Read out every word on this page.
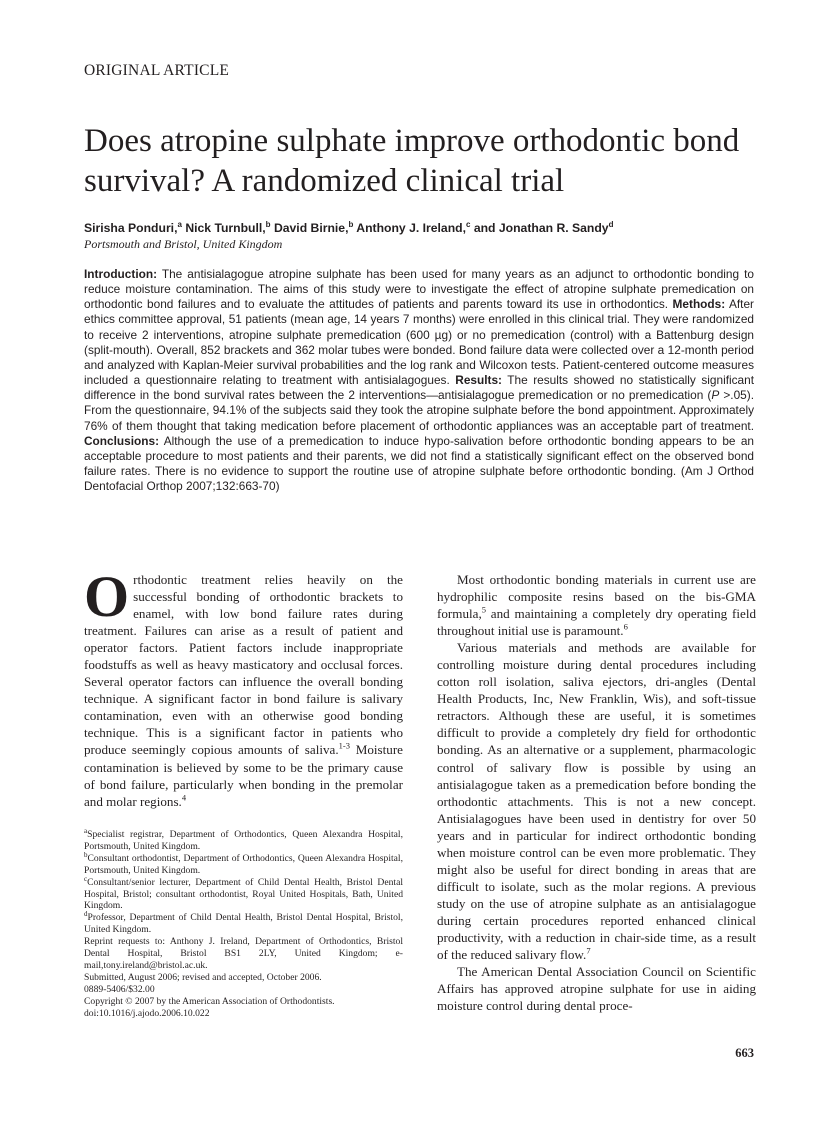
ORIGINAL ARTICLE
Does atropine sulphate improve orthodontic bond survival? A randomized clinical trial
Sirisha Ponduri,$^a$ Nick Turnbull,$^b$ David Birnie,$^b$ Anthony J. Ireland,$^c$ and Jonathan R. Sandy$^d$
Portsmouth and Bristol, United Kingdom
Introduction: The antisialagogue atropine sulphate has been used for many years as an adjunct to orthodontic bonding to reduce moisture contamination. The aims of this study were to investigate the effect of atropine sulphate premedication on orthodontic bond failures and to evaluate the attitudes of patients and parents toward its use in orthodontics. Methods: After ethics committee approval, 51 patients (mean age, 14 years 7 months) were enrolled in this clinical trial. They were randomized to receive 2 interventions, atropine sulphate premedication (600 µg) or no premedication (control) with a Battenburg design (split-mouth). Overall, 852 brackets and 362 molar tubes were bonded. Bond failure data were collected over a 12-month period and analyzed with Kaplan-Meier survival probabilities and the log rank and Wilcoxon tests. Patient-centered outcome measures included a questionnaire relating to treatment with antisialagogues. Results: The results showed no statistically significant difference in the bond survival rates between the 2 interventions—antisialagogue premedication or no premedication (P >.05). From the questionnaire, 94.1% of the subjects said they took the atropine sulphate before the bond appointment. Approximately 76% of them thought that taking medication before placement of orthodontic appliances was an acceptable part of treatment. Conclusions: Although the use of a premedication to induce hypo-salivation before orthodontic bonding appears to be an acceptable procedure to most patients and their parents, we did not find a statistically significant effect on the observed bond failure rates. There is no evidence to support the routine use of atropine sulphate before orthodontic bonding. (Am J Orthod Dentofacial Orthop 2007;132:663-70)

Orthodontic treatment relies heavily on the successful bonding of orthodontic brackets to enamel, with low bond failure rates during treatment. Failures can arise as a result of patient and operator factors. Patient factors include inappropriate foodstuffs as well as heavy masticatory and occlusal forces. Several operator factors can influence the overall bonding technique. A significant factor in bond failure is salivary contamination, even with an otherwise good bonding technique. This is a significant factor in patients who produce seemingly copious amounts of saliva.$^{1-3}$ Moisture contamination is believed by some to be the primary cause of bond failure, particularly when bonding in the premolar and molar regions.$^4$

$^a$Specialist registrar, Department of Orthodontics, Queen Alexandra Hospital, Portsmouth, United Kingdom.
$^b$Consultant orthodontist, Department of Orthodontics, Queen Alexandra Hospital, Portsmouth, United Kingdom.
$^c$Consultant/senior lecturer, Department of Child Dental Health, Bristol Dental Hospital, Bristol; consultant orthodontist, Royal United Hospitals, Bath, United Kingdom.
$^d$Professor, Department of Child Dental Health, Bristol Dental Hospital, Bristol, United Kingdom.
Reprint requests to: Anthony J. Ireland, Department of Orthodontics, Bristol Dental Hospital, Bristol BS1 2LY, United Kingdom; e-mail,tony.ireland@bristol.ac.uk.
Submitted, August 2006; revised and accepted, October 2006.
0889-5406/$32.00
Copyright © 2007 by the American Association of Orthodontists.
doi:10.1016/j.ajodo.2006.10.022

Most orthodontic bonding materials in current use are hydrophilic composite resins based on the bis-GMA formula,$^5$ and maintaining a completely dry operating field throughout initial use is paramount.$^6$

Various materials and methods are available for controlling moisture during dental procedures including cotton roll isolation, saliva ejectors, dri-angles (Dental Health Products, Inc, New Franklin, Wis), and soft-tissue retractors. Although these are useful, it is sometimes difficult to provide a completely dry field for orthodontic bonding. As an alternative or a supplement, pharmacologic control of salivary flow is possible by using an antisialagogue taken as a premedication before bonding the orthodontic attachments. This is not a new concept. Antisialagogues have been used in dentistry for over 50 years and in particular for indirect orthodontic bonding when moisture control can be even more problematic. They might also be useful for direct bonding in areas that are difficult to isolate, such as the molar regions. A previous study on the use of atropine sulphate as an antisialagogue during certain procedures reported enhanced clinical productivity, with a reduction in chair-side time, as a result of the reduced salivary flow.$^7$

The American Dental Association Council on Scientific Affairs has approved atropine sulphate for use in aiding moisture control during dental proce-

663
